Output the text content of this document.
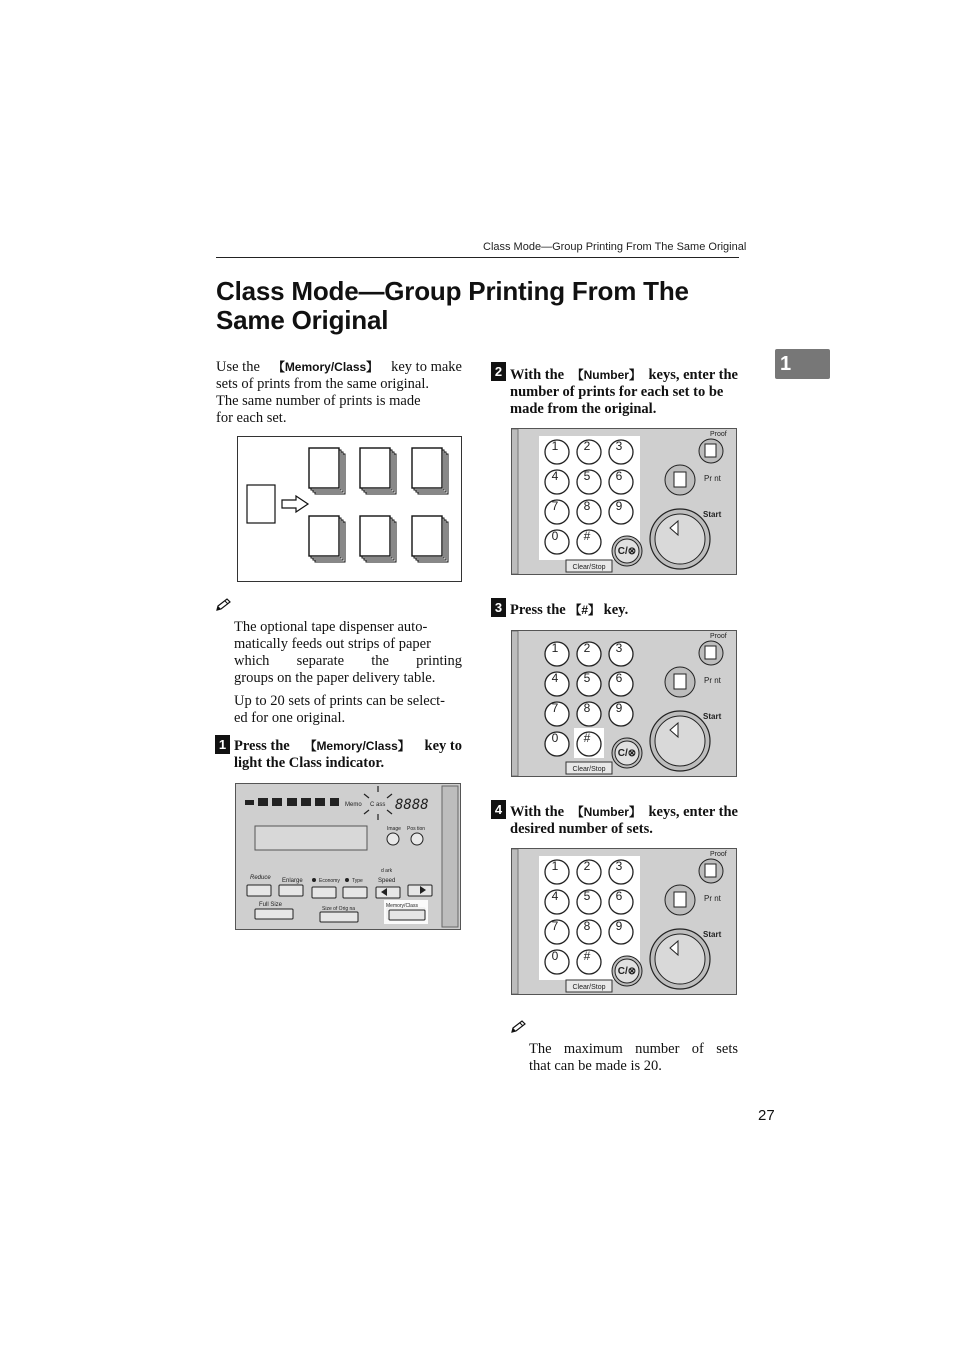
Class Mode—Group Printing From The Same Original
1
Class Mode—Group Printing From The
Same Original
Use the 【Memory/Class】 key to make
sets of prints from the same original.
The same number of prints is made
for each set.
The optional tape dispenser auto-
matically feeds out strips of paper
which separate the printing
groups on the paper delivery table.
Up to 20 sets of prints can be select-
ed for one original.
1 Press the 【Memory/Class】 key to
light the Class indicator.
Memo C ass 8888
Image Pos tion
d ark
Reduce Enlarge	Economy Type	Speed
Full Size
Size of Orig na	Memory/Class
2 With the 【Number】 keys, enter the
number of prints for each set to be
made from the original.
1 2 3
4 5 6
7 8 9
0 #
C/⊗
Clear/Stop
Proof
Pr nt
Start
3 Press the 【#】 key.
1 2 3
4 5 6
7 8 9
0 #
C/⊗
Clear/Stop
Proof
Pr nt
Start
4 With the 【Number】 keys, enter the
desired number of sets.
1 2 3
4 5 6
7 8 9
0 #
C/⊗
Clear/Stop
Proof
Pr nt
Start
The maximum number of sets
that can be made is 20.
27
